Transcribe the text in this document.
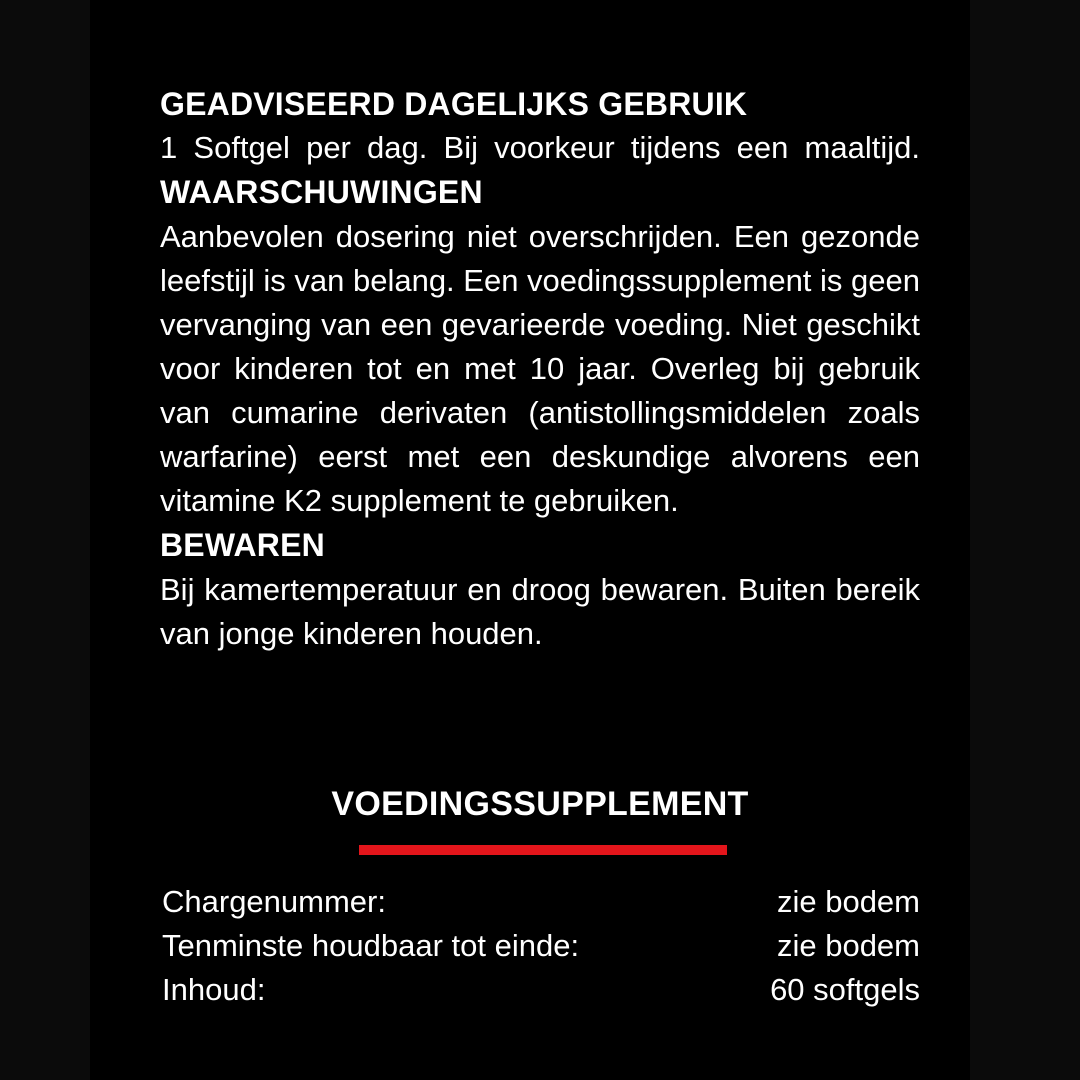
GEADVISEERD DAGELIJKS GEBRUIK
1 Softgel per dag. Bij voorkeur tijdens een maaltijd. WAARSCHUWINGEN
Aanbevolen dosering niet overschrijden. Een gezonde leefstijl is van belang. Een voedingssupplement is geen vervanging van een gevarieerde voeding. Niet geschikt voor kinderen tot en met 10 jaar. Overleg bij gebruik van cumarine derivaten (antistollingsmiddelen zoals warfarine) eerst met een deskundige alvorens een vitamine K2 supplement te gebruiken.
BEWAREN
Bij kamertemperatuur en droog bewaren. Buiten bereik van jonge kinderen houden.
VOEDINGSSUPPLEMENT
Chargenummer:	zie bodem
Tenminste houdbaar tot einde:	zie bodem
Inhoud:	60 softgels
